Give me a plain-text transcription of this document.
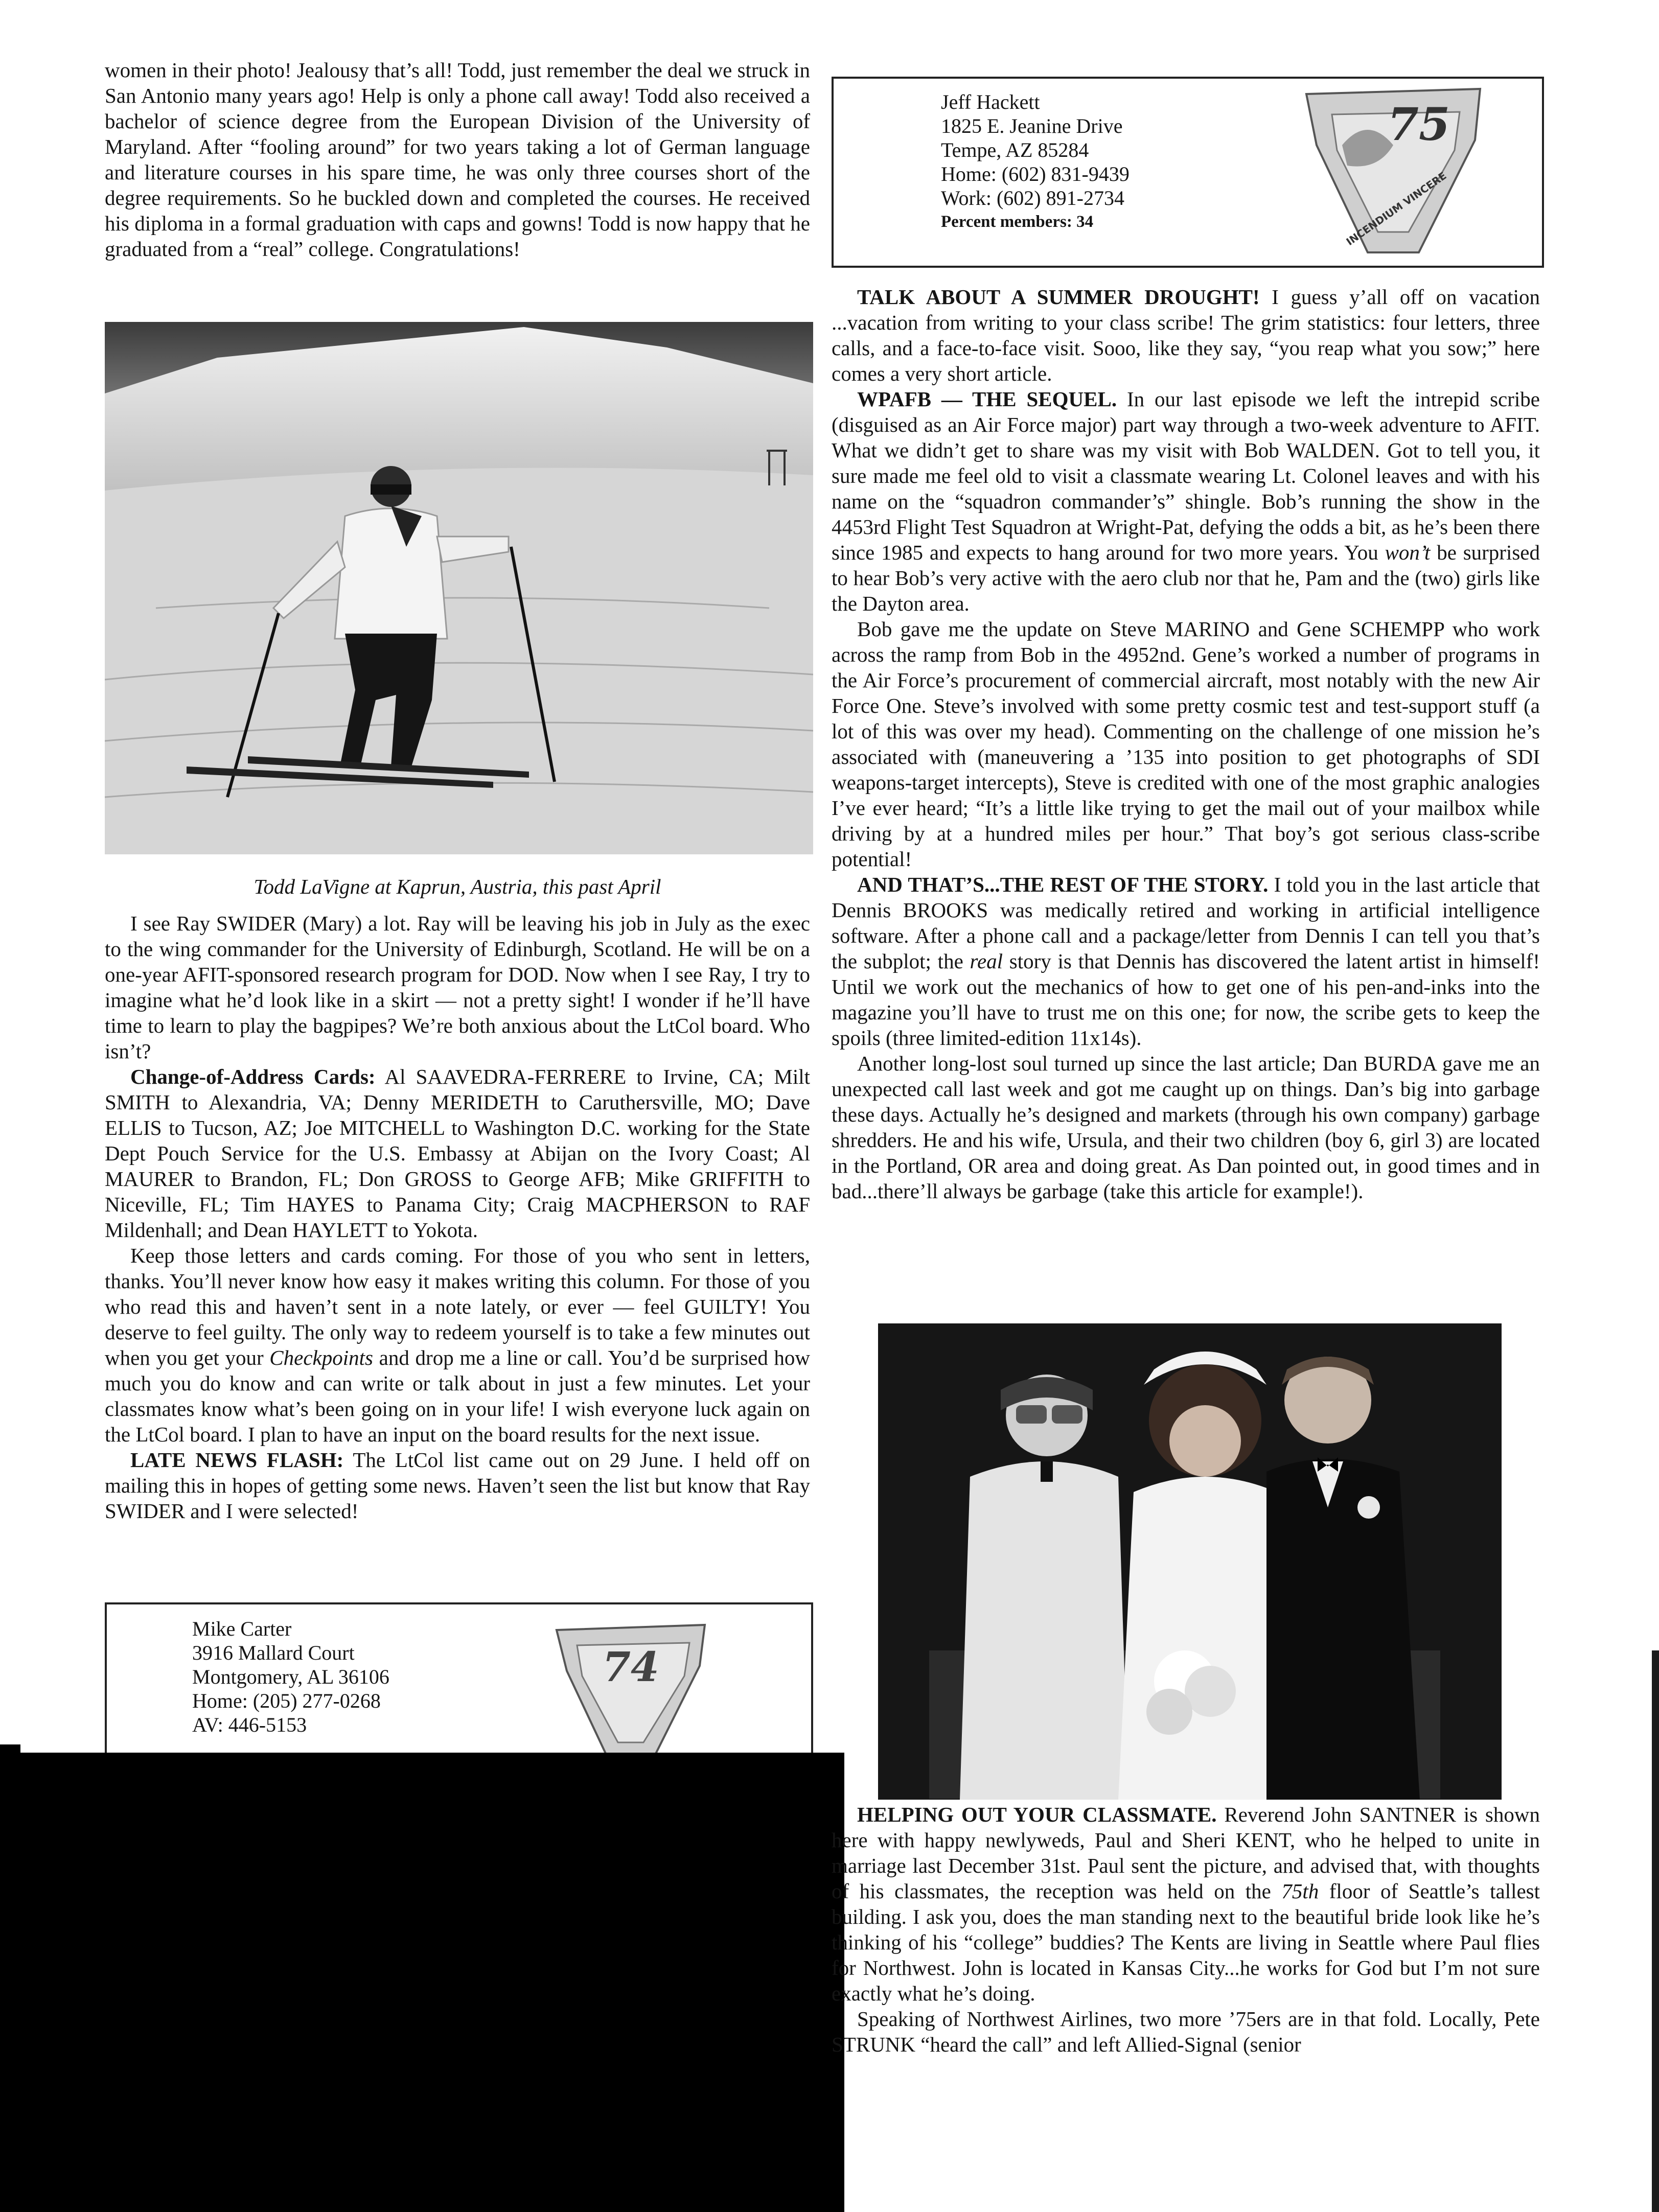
women in their photo! Jealousy that’s all! Todd, just remember the deal we struck in San Antonio many years ago! Help is only a phone call away! Todd also received a bachelor of science degree from the European Division of the University of Maryland. After “fooling around” for two years taking a lot of German language and literature courses in his spare time, he was only three courses short of the degree requirements. So he buckled down and completed the courses. He received his diploma in a formal graduation with caps and gowns! Todd is now happy that he graduated from a “real” college. Congratulations!

Todd LaVigne at Kaprun, Austria, this past April

I see Ray SWIDER (Mary) a lot. Ray will be leaving his job in July as the exec to the wing commander for the University of Edinburgh, Scotland. He will be on a one-year AFIT-sponsored research program for DOD. Now when I see Ray, I try to imagine what he’d look like in a skirt — not a pretty sight! I wonder if he’ll have time to learn to play the bagpipes? We’re both anxious about the LtCol board. Who isn’t?

Change-of-Address Cards: Al SAAVEDRA-FERRERE to Irvine, CA; Milt SMITH to Alexandria, VA; Denny MERIDETH to Caruthersville, MO; Dave ELLIS to Tucson, AZ; Joe MITCHELL to Washington D.C. working for the State Dept Pouch Service for the U.S. Embassy at Abijan on the Ivory Coast; Al MAURER to Brandon, FL; Don GROSS to George AFB; Mike GRIFFITH to Niceville, FL; Tim HAYES to Panama City; Craig MACPHERSON to RAF Mildenhall; and Dean HAYLETT to Yokota.

Keep those letters and cards coming. For those of you who sent in letters, thanks. You’ll never know how easy it makes writing this column. For those of you who read this and haven’t sent in a note lately, or ever — feel GUILTY! You deserve to feel guilty. The only way to redeem yourself is to take a few minutes out when you get your Checkpoints and drop me a line or call. You’d be surprised how much you do know and can write or talk about in just a few minutes. Let your classmates know what’s been going on in your life! I wish everyone luck again on the LtCol board. I plan to have an input on the board results for the next issue.

LATE NEWS FLASH: The LtCol list came out on 29 June. I held off on mailing this in hopes of getting some news. Haven’t seen the list but know that Ray SWIDER and I were selected!

Mike Carter
3916 Mallard Court
Montgomery, AL 36106
Home: (205) 277-0268
AV: 446-5153
74
Jeff Hackett
1825 E. Jeanine Drive
Tempe, AZ 85284
Home: (602) 831-9439
Work: (602) 891-2734
Percent members: 34
75
INCENDIUM VINCERE

TALK ABOUT A SUMMER DROUGHT! I guess y’all off on vacation ...vacation from writing to your class scribe! The grim statistics: four letters, three calls, and a face-to-face visit. Sooo, like they say, “you reap what you sow;” here comes a very short article.

WPAFB — THE SEQUEL. In our last episode we left the intrepid scribe (disguised as an Air Force major) part way through a two-week adventure to AFIT. What we didn’t get to share was my visit with Bob WALDEN. Got to tell you, it sure made me feel old to visit a classmate wearing Lt. Colonel leaves and with his name on the “squadron commander’s” shingle. Bob’s running the show in the 4453rd Flight Test Squadron at Wright-Pat, defying the odds a bit, as he’s been there since 1985 and expects to hang around for two more years. You won’t be surprised to hear Bob’s very active with the aero club nor that he, Pam and the (two) girls like the Dayton area.

Bob gave me the update on Steve MARINO and Gene SCHEMPP who work across the ramp from Bob in the 4952nd. Gene’s worked a number of programs in the Air Force’s procurement of commercial aircraft, most notably with the new Air Force One. Steve’s involved with some pretty cosmic test and test-support stuff (a lot of this was over my head). Commenting on the challenge of one mission he’s associated with (maneuvering a ’135 into position to get photographs of SDI weapons-target intercepts), Steve is credited with one of the most graphic analogies I’ve ever heard; “It’s a little like trying to get the mail out of your mailbox while driving by at a hundred miles per hour.” That boy’s got serious class-scribe potential!

AND THAT’S...THE REST OF THE STORY. I told you in the last article that Dennis BROOKS was medically retired and working in artificial intelligence software. After a phone call and a package/letter from Dennis I can tell you that’s the subplot; the real story is that Dennis has discovered the latent artist in himself! Until we work out the mechanics of how to get one of his pen-and-inks into the magazine you’ll have to trust me on this one; for now, the scribe gets to keep the spoils (three limited-edition 11x14s).

Another long-lost soul turned up since the last article; Dan BURDA gave me an unexpected call last week and got me caught up on things. Dan’s big into garbage these days. Actually he’s designed and markets (through his own company) garbage shredders. He and his wife, Ursula, and their two children (boy 6, girl 3) are located in the Portland, OR area and doing great. As Dan pointed out, in good times and in bad...there’ll always be garbage (take this article for example!).

HELPING OUT YOUR CLASSMATE. Reverend John SANTNER is shown here with happy newlyweds, Paul and Sheri KENT, who he helped to unite in marriage last December 31st. Paul sent the picture, and advised that, with thoughts of his classmates, the reception was held on the 75th floor of Seattle’s tallest building. I ask you, does the man standing next to the beautiful bride look like he’s thinking of his “college” buddies? The Kents are living in Seattle where Paul flies for Northwest. John is located in Kansas City...he works for God but I’m not sure exactly what he’s doing.

Speaking of Northwest Airlines, two more ’75ers are in that fold. Locally, Pete STRUNK “heard the call” and left Allied-Signal (senior
